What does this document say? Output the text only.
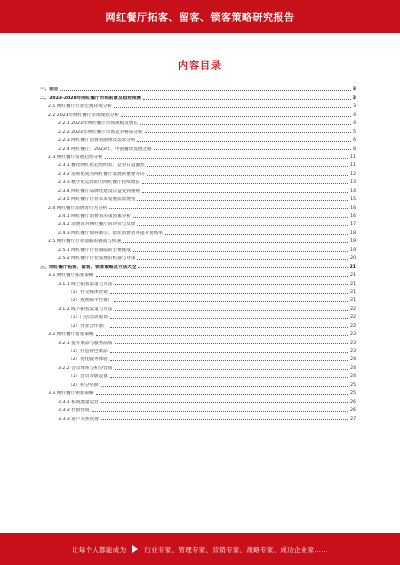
网红餐厅拓客、留客、锁客策略研究报告
内容目录
一、前言	3
二、2023-2028年网红餐厅市场前景及趋势预测	3
2.1 网红餐厅行业宏观环境分析	3
2.2 2023年网红餐厅市场现状分析	4
2.2.1 2023年网红餐厅市场规模及增长	4
2.2.2 2023年网红餐厅市场竞争格局分析	5
2.2.3 网红餐厅消费者画像及需求分析	6
2.2.4 网红餐厅：2023年，中国餐饮发展之路	8
2.3 网红餐厅发展趋势分析	11
2.3.1 餐饮网红化趋势明显，竞争日益激烈	11
2.3.2 连锁化成为网红餐厅发展的重要方向	12
2.3.3 数字化运营助力网红餐厅持续增长	13
2.3.4 网红餐厅品牌化建设日益受到重视	14
2.3.5 网红餐厅行业未来发展前景展望	15
2.4 网红餐厅消费者行为分析	16
2.4.1 网红餐厅消费者决策因素分析	16
2.4.2 消费者对网红餐厅的评价与反馈	17
2.4.3 网红餐厅如何吸引、留住消费者并提升复购率	18
2.5 网红餐厅行业面临的挑战与机遇	19
2.5.1 网红餐厅行业面临的主要挑战	19
2.5.2 网红餐厅行业发展的机遇与对策	20
三、网红餐厅拓客、留客、锁客策略及方法大全	21
3.1 网红餐厅拓客策略	21
3.1.1 线上拓客渠道与方法	21
（1）社交媒体营销	21
（2）短视频平台推广	21
3.1.2 线下拓客渠道与方法	22
（1）门店活动策划	22
（2）异业合作推广	22
3.2 网红餐厅留客策略	23
3.2.1 提升菜品与服务品质	23
（1）打造特色菜品	23
（2）优化服务体验	24
3.2.2 会员体系与积分营销	24
（1）会员等级设置	24
（2）积分奖励	25
3.3 网红餐厅锁客策略	25
3.3.1 私域流量运营	26
3.3.2 社群营销	26
3.3.3 客户关系管理	27
让每个人都能成为	行业专家、管理专家、营销专家、战略专家、成功企业家……
